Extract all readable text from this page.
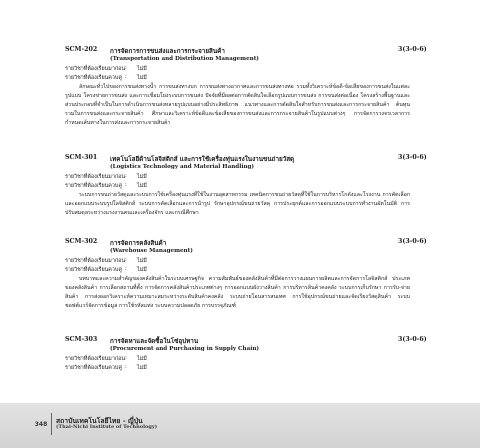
SCM-202 การจัดการการขนส่งและการกระจายสินค้า	3(3-0-6)
(Transportation and Distribution Management)
รายวิชาที่ต้องเรียนมาก่อน : ไม่มี
รายวิชาที่ต้องเรียนควบคู่ : ไม่มี
ลักษณะทั่วไปของการขนส่งทางน้ำ การขนส่งทางบก การขนส่งทางอากาศและการขนส่งทางท่อ รวมทั้งวิเคราะห์ข้อดี-ข้อเสียของการขนส่งในแต่ละรูปแบบ โครงข่ายการขนส่ง และการเชื่อมโยงระบบการขนส่ง ปัจจัยที่มีผลต่อการตัดสินใจเลือกรูปแบบการขนส่ง การขนส่งต่อเนื่อง โครงสร้างพื้นฐานและส่วนประกอบที่จำเป็นในการดำเนินการขนส่งหลายรูปแบบอย่างมีประสิทธิภาพ แนวทางและการตัดสินใจสำหรับการขนส่งและการกระจายสินค้า ต้นทุนรวมในการขนส่งและกระจายสินค้า ศึกษาและวิเคราะห์ข้อดีและข้อเสียของการขนส่งและการกระจายสินค้าในรูปแบบต่างๆ การจัดการวงจรเวลาการกำหนดเส้นทางในการส่งและการกระจายสินค้า
SCM-301 เทคโนโลยีด้านโลจิสติกส์ และการใช้เครื่องทุ่นแรงในงานขนถ่ายวัสดุ	3(3-0-6)
(Logistics Technology and Material Handling)
รายวิชาที่ต้องเรียนมาก่อน : ไม่มี
รายวิชาที่ต้องเรียนควบคู่ : ไม่มี
ระบบการขนถ่ายวัสดุและระบบการใช้เครื่องทุ่นแรงที่ใช้ในงานอุตสาหกรรม เทคนิคการขนถ่ายวัสดุที่ใช้ในการบริหารโกดังและโรงงาน การคัดเลือกและออกแบบระบบรูปโลจิสติกส์ ระบบการคัดเลือกและการนำรูป รักษาอุปกรณ์ขนถ่ายวัสดุ การประยุกต์และการออกแบบระบบการทำงานอัตโนมัติ การปรับสมดุลระหว่างแรงงานคนและเครื่องจักร และกรณีศึกษา
SCM-302 การจัดการคลังสินค้า	3(3-0-6)
(Warehouse Management)
รายวิชาที่ต้องเรียนมาก่อน : ไม่มี
รายวิชาที่ต้องเรียนควบคู่ : ไม่มี
บทบาทและความสำคัญของคลังสินค้าในระบบเศรษฐกิจ ความสัมพันธ์ของคลังสินค้าที่มีต่อการวางแผนการผลิตและการจัดการโลจิสติกส์ ประเภทของคลังสินค้า การเลือกสถานที่ตั้ง การจัดการคลังสินค้าประเภทต่างๆ การออกแบบผังวางสินค้า การบริหารสินค้าคงคลัง ระบบการเก็บรักษา การรับ-จ่ายสินค้า การส่งออกวิเคราะห์ความเหมาะสมระหว่างระดับสินค้าคงคลัง ระบบถ่ายโอนสารสนเทศ การใช้อุปกรณ์ขนถ่ายและจัดเรียงวัสดุสินค้า ระบบชอฟต์แวร์จัดการข้อมูล การใช้รหัสแท่ง ระบบความปลอดภัย การบรรจุภัณฑ์
SCM-303 การจัดหาและจัดซื้อในโซ่อุปทาน	3(3-0-6)
(Procurement and Purchasing in Supply Chain)
รายวิชาที่ต้องเรียนมาก่อน : ไม่มี
รายวิชาที่ต้องเรียนควบคู่ : ไม่มี
348	สถาบันเทคโนโลยีไทย - ญี่ปุ่น
(Thai-Nichi Institute of Technology)
